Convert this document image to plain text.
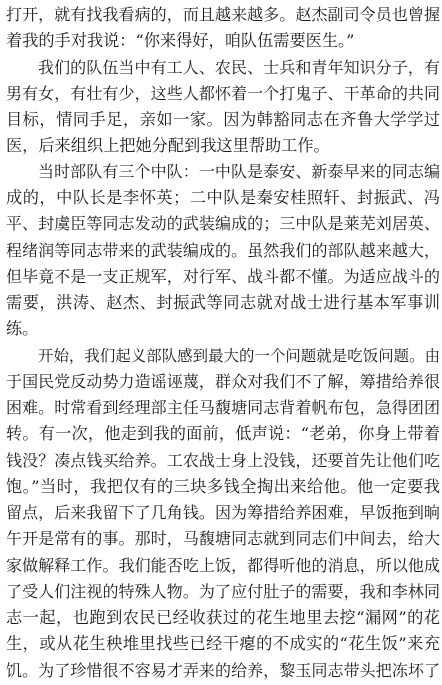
打开，就有找我看病的，而且越来越多。赵杰副司令员也曾握
着我的手对我说：“你来得好，咱队伍需要医生。”
我们的队伍当中有工人、农民、士兵和青年知识分子，有
男有女，有壮有少，这些人都怀着一个打鬼子、干革命的共同
目标，情同手足，亲如一家。因为韩豁同志在齐鲁大学学过
医，后来组织上把她分配到我这里帮助工作。
当时部队有三个中队：一中队是泰安、新泰早来的同志编
成的，中队长是李怀英；二中队是秦安桂照轩、封振武、冯
平、封虞臣等同志发动的武装编成的；三中队是莱芜刘居英、
程绪润等同志带来的武装编成的。虽然我们的部队越来越大，
但毕竟不是一支正规军，对行军、战斗都不懂。为适应战斗的
需要，洪涛、赵杰、封振武等同志就对战士进行基本军事训
练。
开始，我们起义部队感到最大的一个问题就是吃饭问题。由
于国民党反动势力造谣诬蔑，群众对我们不了解，筹措给养很
困难。时常看到经理部主任马馥塘同志背着帆布包，急得团团
转。有一次，他走到我的面前，低声说：“老弟，你身上带着
钱没？凑点钱买给养。工农战士身上没钱，还要首先让他们吃
饱。”当时，我把仅有的三块多钱全掏出来给他。他一定要我
留点，后来我留下了几角钱。因为筹措给养困难，早饭拖到晌
午开是常有的事。那时，马馥塘同志就到同志们中间去，给大
家做解释工作。我们能否吃上饭，都得听他的消息，所以他成
了受人们注视的特殊人物。为了应付肚子的需要，我和李林同
志一起，也跑到农民已经收获过的花生地里去挖“漏网”的花
生，或从花生秧堆里找些已经干瘪的不成实的“花生饭”来充
饥。为了珍惜很不容易才弄来的给养，黎玉同志带头把冻坏了
